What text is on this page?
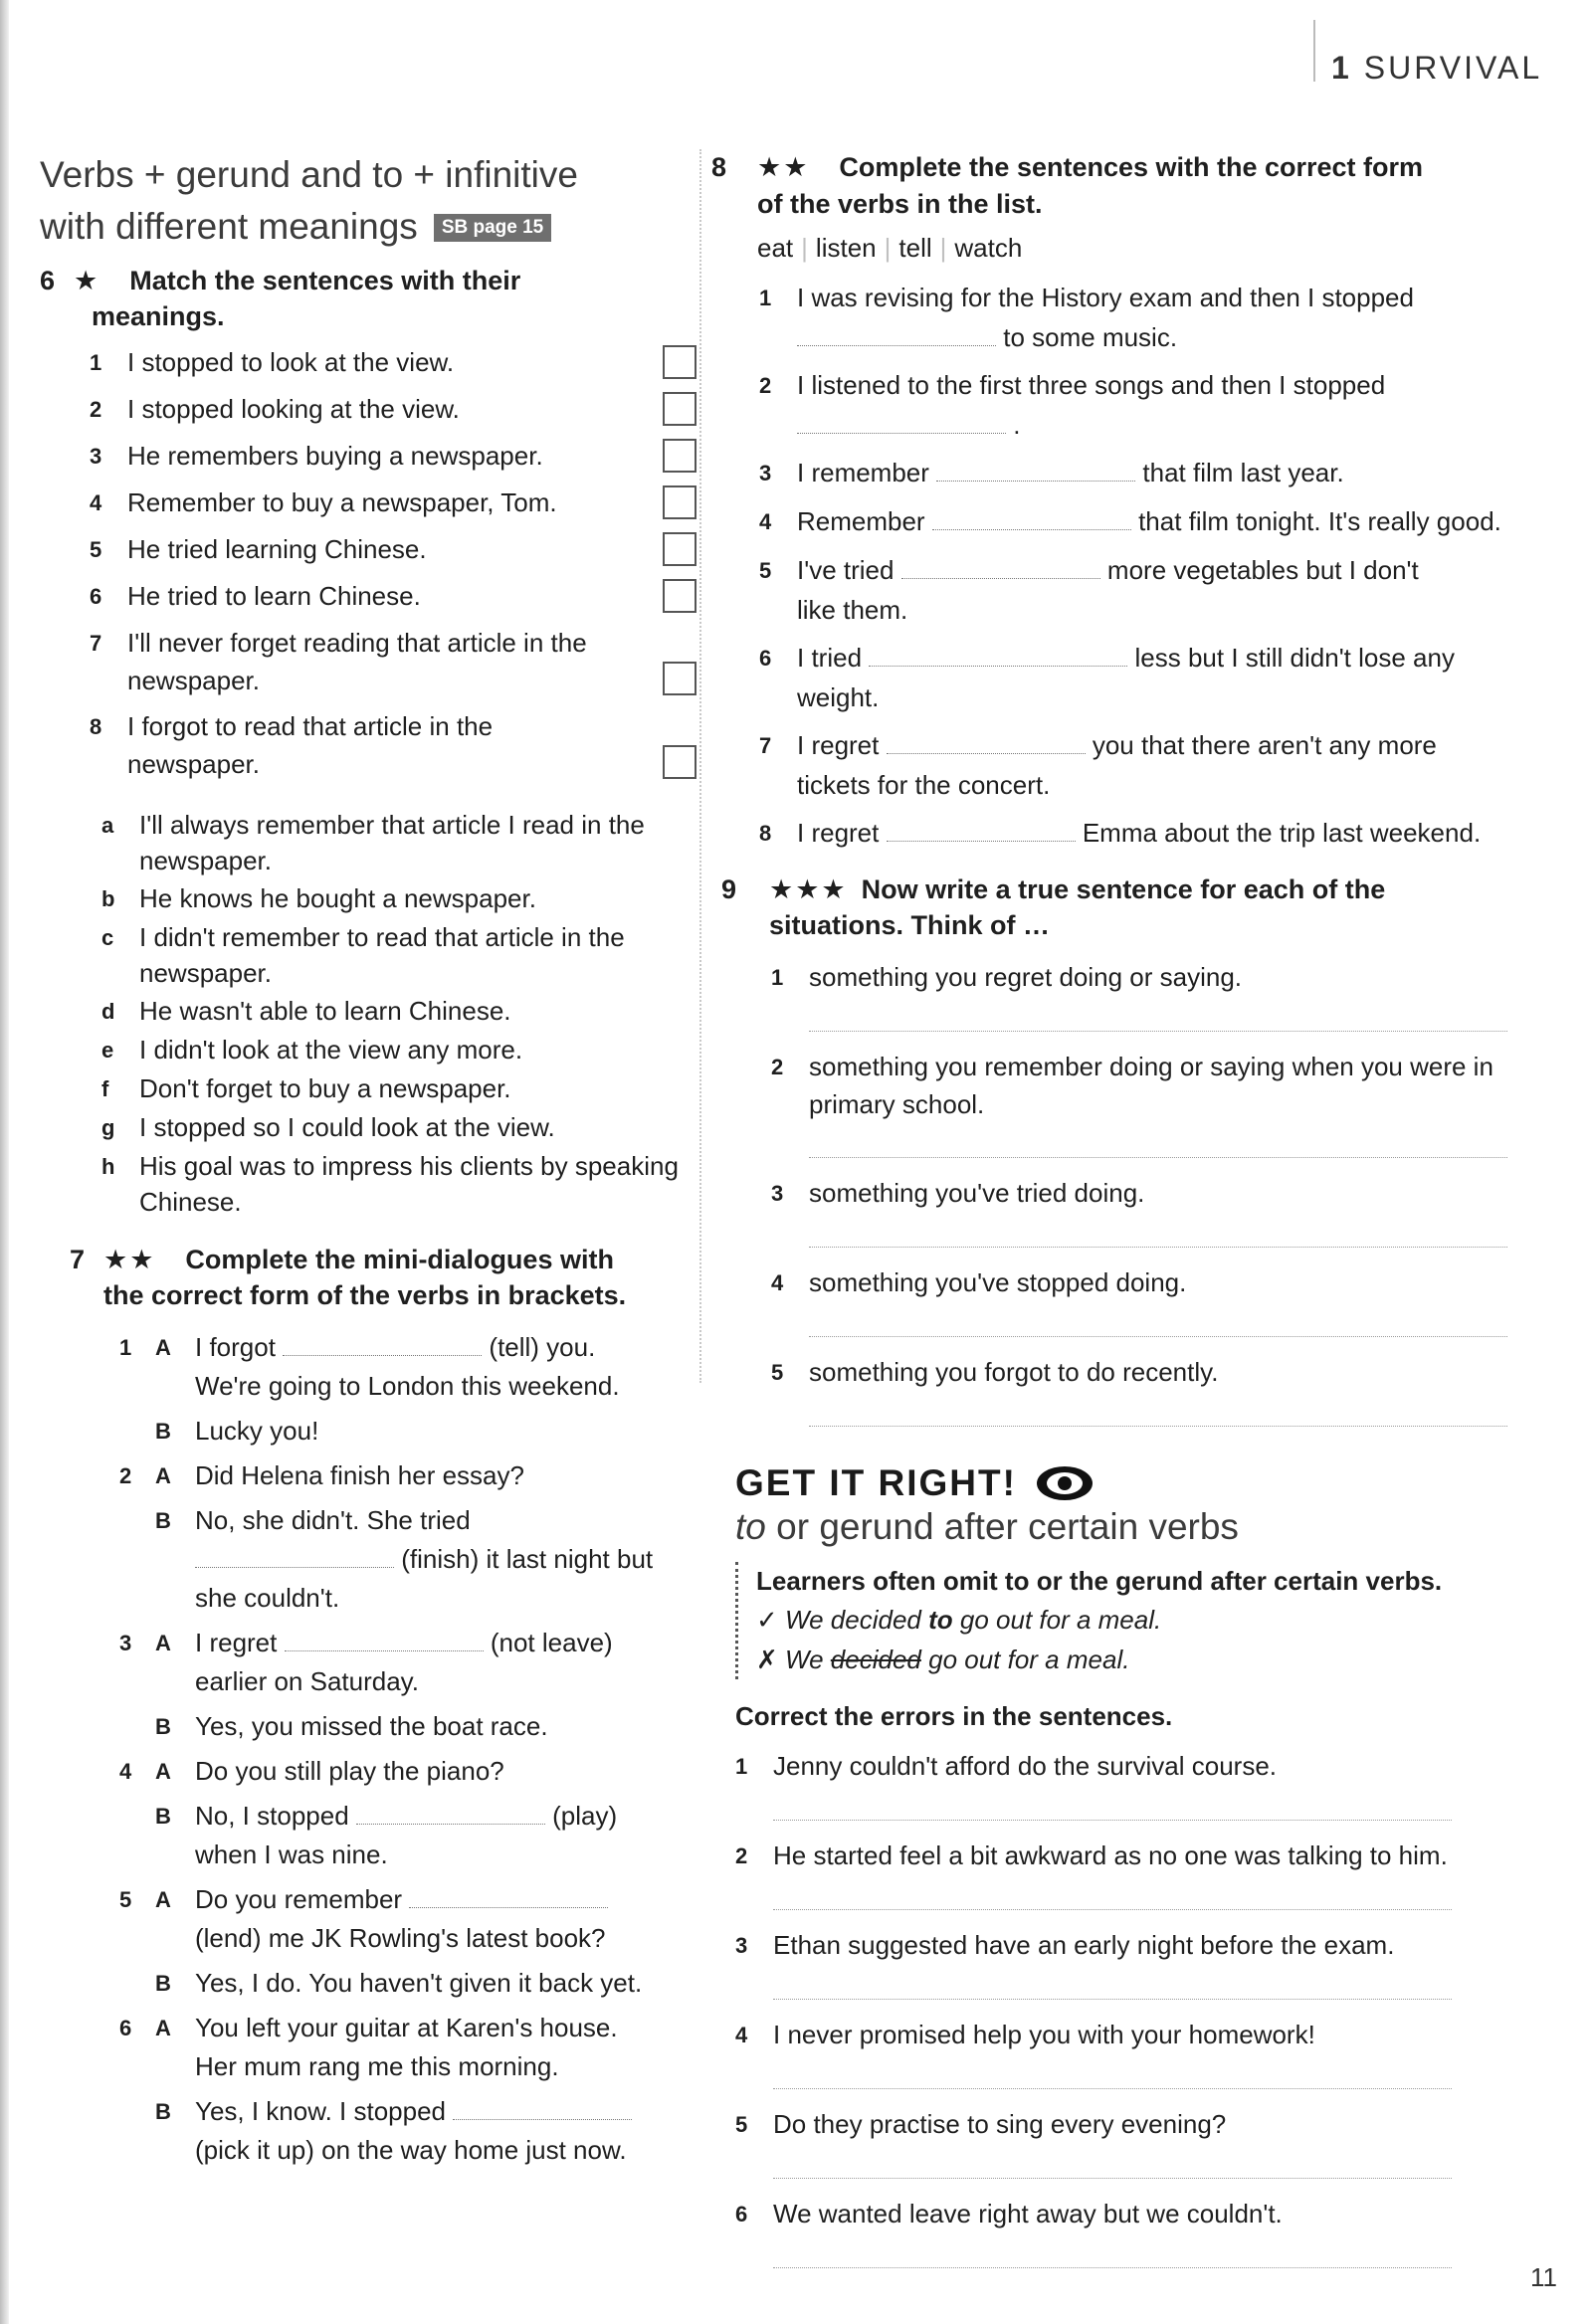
1 SURVIVAL
Verbs + gerund and to + infinitive
with different meanings SB page 15
6 ★ Match the sentences with their
meanings.
1 I stopped to look at the view.
2 I stopped looking at the view.
3 He remembers buying a newspaper.
4 Remember to buy a newspaper, Tom.
5 He tried learning Chinese.
6 He tried to learn Chinese.
7 I'll never forget reading that article in the newspaper.
8 I forgot to read that article in the newspaper.
a I'll always remember that article I read in the newspaper.
b He knows he bought a newspaper.
c I didn't remember to read that article in the newspaper.
d He wasn't able to learn Chinese.
e I didn't look at the view any more.
f	Don't forget to buy a newspaper.
g I stopped so I could look at the view.
h His goal was to impress his clients by speaking Chinese.
7 ★★ Complete the mini-dialogues with
the correct form of the verbs in brackets.
1	A I forgot	(tell) you.
We're going to London this weekend.
B Lucky you!
2	A Did Helena finish her essay?
B No, she didn't. She tried
(finish) it last night but
she couldn't.
3	A I regret	(not leave)
earlier on Saturday.
B Yes, you missed the boat race.
4	A Do you still play the piano?
B No, I stopped	(play)
when I was nine.
5	A Do you remember
(lend) me JK Rowling's latest book?
B Yes, I do. You haven't given it back yet.
6	A You left your guitar at Karen's house.
Her mum rang me this morning.
B Yes, I know. I stopped
(pick it up) on the way home just now.
8	★★ Complete the sentences with the correct form
of the verbs in the list.
eat | listen | tell | watch
1 I was revising for the History exam and then I stopped
to some music.
2 I listened to the first three songs and then I stopped
.
3 I remember	that film last year.
4 Remember	that film tonight. It's really good.
5 I've tried	more vegetables but I don't
like them.
6 I tried	less but I still didn't lose any weight.
7 I regret	you that there aren't any more
tickets for the concert.
8 I regret	Emma about the trip last weekend.
9	★★★ Now write a true sentence for each of the
situations. Think of …
1 something you regret doing or saying.
2 something you remember doing or saying when you were in primary school.
3 something you've tried doing.
4 something you've stopped doing.
5 something you forgot to do recently.
GET IT RIGHT!
to or gerund after certain verbs
Learners often omit to or the gerund after certain verbs.
✓ We decided to go out for a meal.
✗ We decided go out for a meal.
Correct the errors in the sentences.
1 Jenny couldn't afford do the survival course.
2 He started feel a bit awkward as no one was talking to him.
3 Ethan suggested have an early night before the exam.
4 I never promised help you with your homework!
5 Do they practise to sing every evening?
6 We wanted leave right away but we couldn't.
11
